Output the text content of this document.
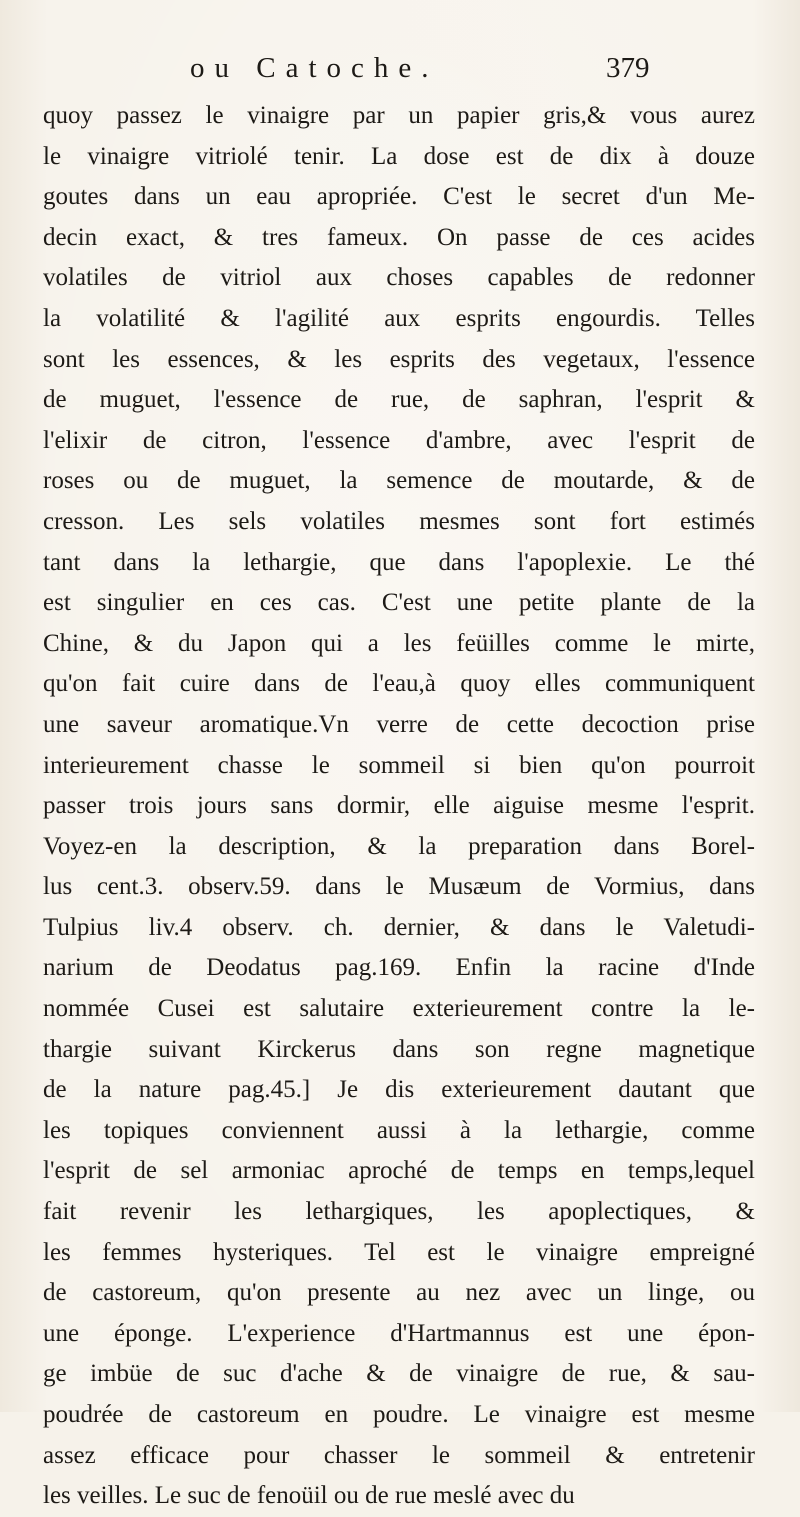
ou Catoche.	379
quoy passez le vinaigre par un papier gris,& vous aurez
le vinaigre vitriolé tenir. La dose est de dix à douze
goutes dans un eau apropriée. C'est le secret d'un Me-
decin exact, & tres fameux. On passe de ces acides
volatiles de vitriol aux choses capables de redonner
la volatilité & l'agilité aux esprits engourdis. Telles
sont les essences, & les esprits des vegetaux, l'essence
de muguet, l'essence de rue, de saphran, l'esprit &
l'elixir de citron, l'essence d'ambre, avec l'esprit de
roses ou de muguet, la semence de moutarde, & de
cresson. Les sels volatiles mesmes sont fort estimés
tant dans la lethargie, que dans l'apoplexie. Le thé
est singulier en ces cas. C'est une petite plante de la
Chine, & du Japon qui a les feüilles comme le mirte,
qu'on fait cuire dans de l'eau,à quoy elles communiquent
une saveur aromatique.Vn verre de cette decoction prise
interieurement chasse le sommeil si bien qu'on pourroit
passer trois jours sans dormir, elle aiguise mesme l'esprit.
Voyez-en la description, & la preparation dans Borel-
lus cent.3. observ.59. dans le Musæum de Vormius, dans
Tulpius liv.4 observ. ch. dernier, & dans le Valetudi-
narium de Deodatus pag.169. Enfin la racine d'Inde
nommée Cusei est salutaire exterieurement contre la le-
thargie suivant Kirckerus dans son regne magnetique
de la nature pag.45.] Je dis exterieurement dautant que
les topiques conviennent aussi à la lethargie, comme
l'esprit de sel armoniac aproché de temps en temps,lequel
fait revenir les lethargiques, les apoplectiques, &
les femmes hysteriques. Tel est le vinaigre empreigné
de castoreum, qu'on presente au nez avec un linge, ou
une éponge. L'experience d'Hartmannus est une épon-
ge imbüe de suc d'ache & de vinaigre de rue, & sau-
poudrée de castoreum en poudre. Le vinaigre est mesme
assez efficace pour chasser le sommeil & entretenir
les veilles. Le suc de fenoüil ou de rue meslé avec du
